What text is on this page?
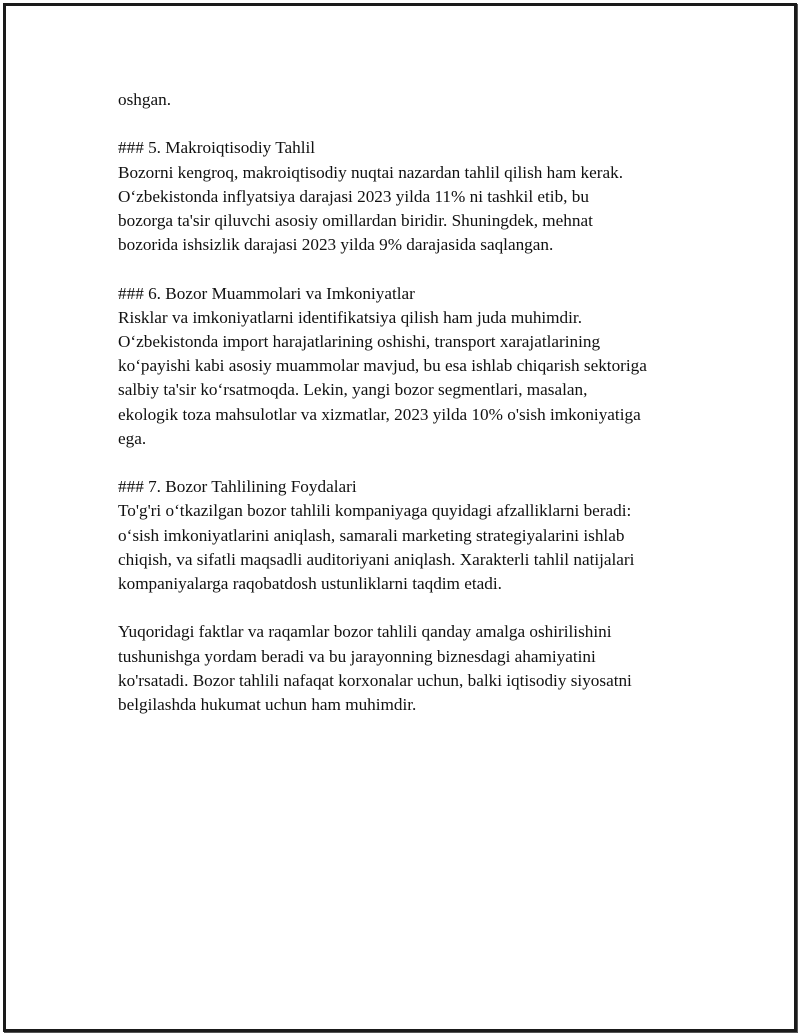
oshgan.

### 5. Makroiqtisodiy Tahlil
Bozorni kengroq, makroiqtisodiy nuqtai nazardan tahlil qilish ham kerak.
O‘zbekistonda inflyatsiya darajasi 2023 yilda 11% ni tashkil etib, bu
bozorga ta'sir qiluvchi asosiy omillardan biridir. Shuningdek, mehnat
bozorida ishsizlik darajasi 2023 yilda 9% darajasida saqlangan.

### 6. Bozor Muammolari va Imkoniyatlar
Risklar va imkoniyatlarni identifikatsiya qilish ham juda muhimdir.
O‘zbekistonda import harajatlarining oshishi, transport xarajatlarining
ko‘payishi kabi asosiy muammolar mavjud, bu esa ishlab chiqarish sektoriga
salbiy ta'sir ko‘rsatmoqda. Lekin, yangi bozor segmentlari, masalan,
ekologik toza mahsulotlar va xizmatlar, 2023 yilda 10% o'sish imkoniyatiga
ega.

### 7. Bozor Tahlilining Foydalari
To'g'ri o‘tkazilgan bozor tahlili kompaniyaga quyidagi afzalliklarni beradi:
o‘sish imkoniyatlarini aniqlash, samarali marketing strategiyalarini ishlab
chiqish, va sifatli maqsadli auditoriyani aniqlash. Xarakterli tahlil natijalari
kompaniyalarga raqobatdosh ustunliklarni taqdim etadi.

Yuqoridagi faktlar va raqamlar bozor tahlili qanday amalga oshirilishini
tushunishga yordam beradi va bu jarayonning biznesdagi ahamiyatini
ko'rsatadi. Bozor tahlili nafaqat korxonalar uchun, balki iqtisodiy siyosatni
belgilashda hukumat uchun ham muhimdir.
